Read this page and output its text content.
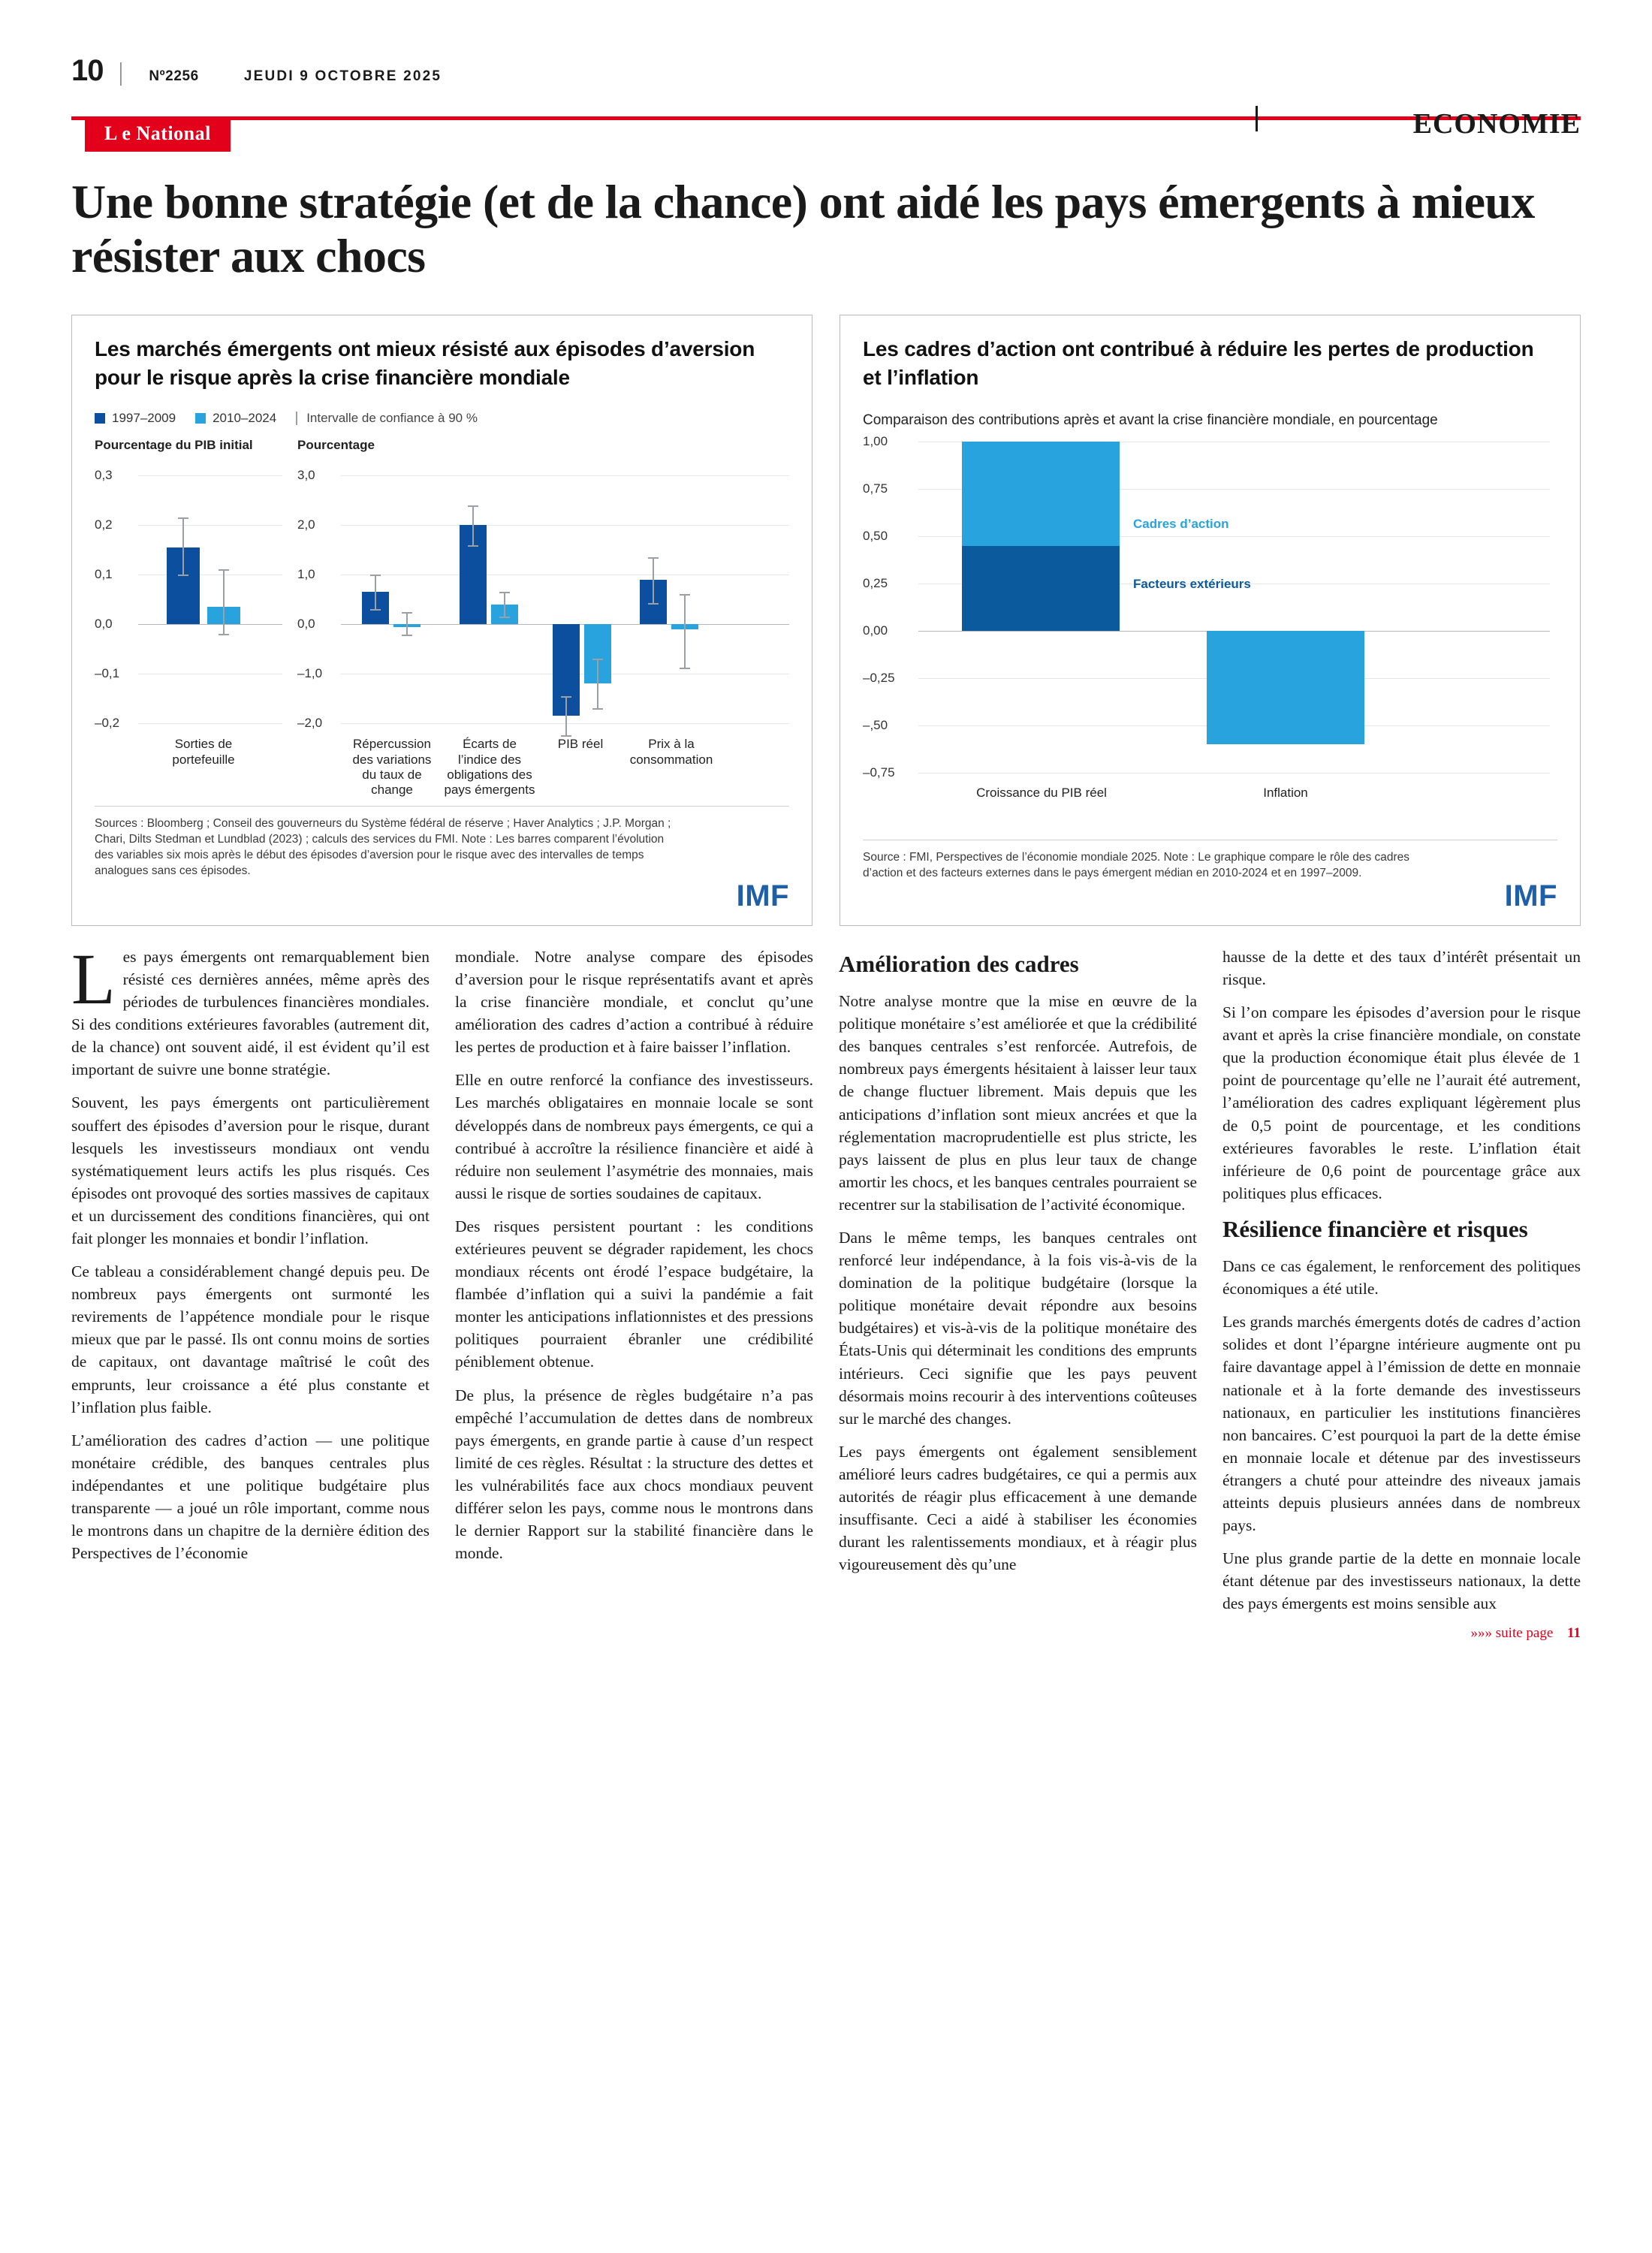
10 | Nº2256	JEUDI 9 OCTOBRE 2025
L e National	ECONOMIE
Une bonne stratégie (et de la chance) ont aidé les pays émergents à mieux résister aux chocs
Les marchés émergents ont mieux résisté aux épisodes d’aversion pour le risque après la crise financière mondiale
1997–2009	2010–2024 Intervalle de confiance à 90 %
Pourcentage du PIB initial
0,3
0,2
0,1
0,0
–0,1
–0,2
Sorties de portefeuille
Pourcentage
3,0
2,0
1,0
0,0
–1,0
–2,0
Répercussion des variations du taux de change
Écarts de l’indice des obligations des pays émergents
PIB réel	Prix à la consommation
Sources : Bloomberg ; Conseil des gouverneurs du Système fédéral de réserve ; Haver Analytics ; J.P. Morgan ; Chari, Dilts Stedman et Lundblad (2023) ; calculs des services du FMI. Note : Les barres comparent l’évolution des variables six mois après le début des épisodes d’aversion pour le risque avec des intervalles de temps analogues sans ces épisodes.
IMF
Les cadres d’action ont contribué à réduire les pertes de production et l’inflation
Comparaison des contributions après et avant la crise financière mondiale, en pourcentage
1,00
0,75
0,50
0,25
0,00
–0,25
–,50
–0,75
Cadres d’action
Facteurs extérieurs
Croissance du PIB réel	Inflation
Source : FMI, Perspectives de l’économie mondiale 2025. Note : Le graphique compare le rôle des cadres d’action et des facteurs externes dans le pays émergent médian en 2010-2024 et en 1997–2009.
IMF

Les pays émergents ont remarquablement bien résisté ces dernières années, même après des périodes de turbulences financières mondiales. Si des conditions extérieures favorables (autrement dit, de la chance) ont souvent aidé, il est évident qu’il est important de suivre une bonne stratégie.

Souvent, les pays émergents ont particulièrement souffert des épisodes d’aversion pour le risque, durant lesquels les investisseurs mondiaux ont vendu systématiquement leurs actifs les plus risqués. Ces épisodes ont provoqué des sorties massives de capitaux et un durcissement des conditions financières, qui ont fait plonger les monnaies et bondir l’inflation.

Ce tableau a considérablement changé depuis peu. De nombreux pays émergents ont surmonté les revirements de l’appétence mondiale pour le risque mieux que par le passé. Ils ont connu moins de sorties de capitaux, ont davantage maîtrisé le coût des emprunts, leur croissance a été plus constante et l’inflation plus faible.

L’amélioration des cadres d’action — une politique monétaire crédible, des banques centrales plus indépendantes et une politique budgétaire plus transparente — a joué un rôle important, comme nous le montrons dans un chapitre de la dernière édition des Perspectives de l’économie

mondiale. Notre analyse compare des épisodes d’aversion pour le risque représentatifs avant et après la crise financière mondiale, et conclut qu’une amélioration des cadres d’action a contribué à réduire les pertes de production et à faire baisser l’inflation.

Elle en outre renforcé la confiance des investisseurs. Les marchés obligataires en monnaie locale se sont développés dans de nombreux pays émergents, ce qui a contribué à accroître la résilience financière et aidé à réduire non seulement l’asymétrie des monnaies, mais aussi le risque de sorties soudaines de capitaux.

Des risques persistent pourtant : les conditions extérieures peuvent se dégrader rapidement, les chocs mondiaux récents ont érodé l’espace budgétaire, la flambée d’inflation qui a suivi la pandémie a fait monter les anticipations inflationnistes et des pressions politiques pourraient ébranler une crédibilité péniblement obtenue.

De plus, la présence de règles budgétaire n’a pas empêché l’accumulation de dettes dans de nombreux pays émergents, en grande partie à cause d’un respect limité de ces règles. Résultat : la structure des dettes et les vulnérabilités face aux chocs mondiaux peuvent différer selon les pays, comme nous le montrons dans le dernier Rapport sur la stabilité financière dans le monde.

Amélioration des cadres

Notre analyse montre que la mise en œuvre de la politique monétaire s’est améliorée et que la crédibilité des banques centrales s’est renforcée. Autrefois, de nombreux pays émergents hésitaient à laisser leur taux de change fluctuer librement. Mais depuis que les anticipations d’inflation sont mieux ancrées et que la réglementation macroprudentielle est plus stricte, les pays laissent de plus en plus leur taux de change amortir les chocs, et les banques centrales pourraient se recentrer sur la stabilisation de l’activité économique.

Dans le même temps, les banques centrales ont renforcé leur indépendance, à la fois vis-à-vis de la domination de la politique budgétaire (lorsque la politique monétaire devait répondre aux besoins budgétaires) et vis-à-vis de la politique monétaire des États-Unis qui déterminait les conditions des emprunts intérieurs. Ceci signifie que les pays peuvent désormais moins recourir à des interventions coûteuses sur le marché des changes.

Les pays émergents ont également sensiblement amélioré leurs cadres budgétaires, ce qui a permis aux autorités de réagir plus efficacement à une demande insuffisante. Ceci a aidé à stabiliser les économies durant les ralentissements mondiaux, et à réagir plus vigoureusement dès qu’une

hausse de la dette et des taux d’intérêt présentait un risque.

Si l’on compare les épisodes d’aversion pour le risque avant et après la crise financière mondiale, on constate que la production économique était plus élevée de 1 point de pourcentage qu’elle ne l’aurait été autrement, l’amélioration des cadres expliquant légèrement plus de 0,5 point de pourcentage, et les conditions extérieures favorables le reste. L’inflation était inférieure de 0,6 point de pourcentage grâce aux politiques plus efficaces.

Résilience financière et risques

Dans ce cas également, le renforcement des politiques économiques a été utile.

Les grands marchés émergents dotés de cadres d’action solides et dont l’épargne intérieure augmente ont pu faire davantage appel à l’émission de dette en monnaie nationale et à la forte demande des investisseurs nationaux, en particulier les institutions financières non bancaires. C’est pourquoi la part de la dette émise en monnaie locale et détenue par des investisseurs étrangers a chuté pour atteindre des niveaux jamais atteints depuis plusieurs années dans de nombreux pays.

Une plus grande partie de la dette en monnaie locale étant détenue par des investisseurs nationaux, la dette des pays émergents est moins sensible aux

»»» suite page 11
